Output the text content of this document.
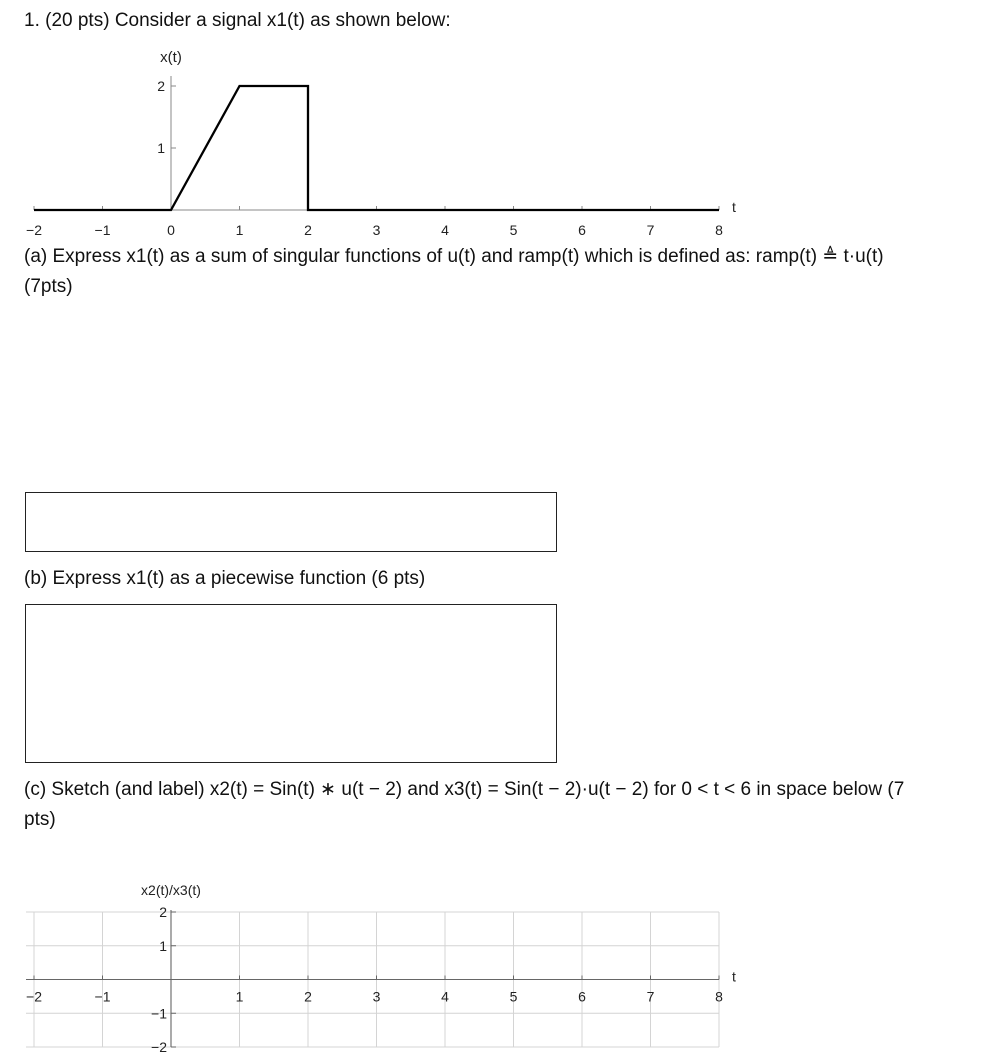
1. (20 pts) Consider a signal x1(t) as shown below:
1
2
−2	−1	0	1	2	3	4	5	6	7	8
x(t)
t
(a) Express x1(t) as a sum of singular functions of u(t) and ramp(t) which is defined as: ramp(t) ≜ t·u(t)
(7pts)
(b) Express x1(t) as a piecewise function (6 pts)
(c) Sketch (and label) x2(t) = Sin(t) ∗ u(t − 2) and x3(t) = Sin(t − 2)·u(t − 2) for 0 < t < 6 in space below (7
pts)
−2
−1
1
2
−2	−1	1	2	3	4	5	6	7	8
x2(t)/x3(t)
t
